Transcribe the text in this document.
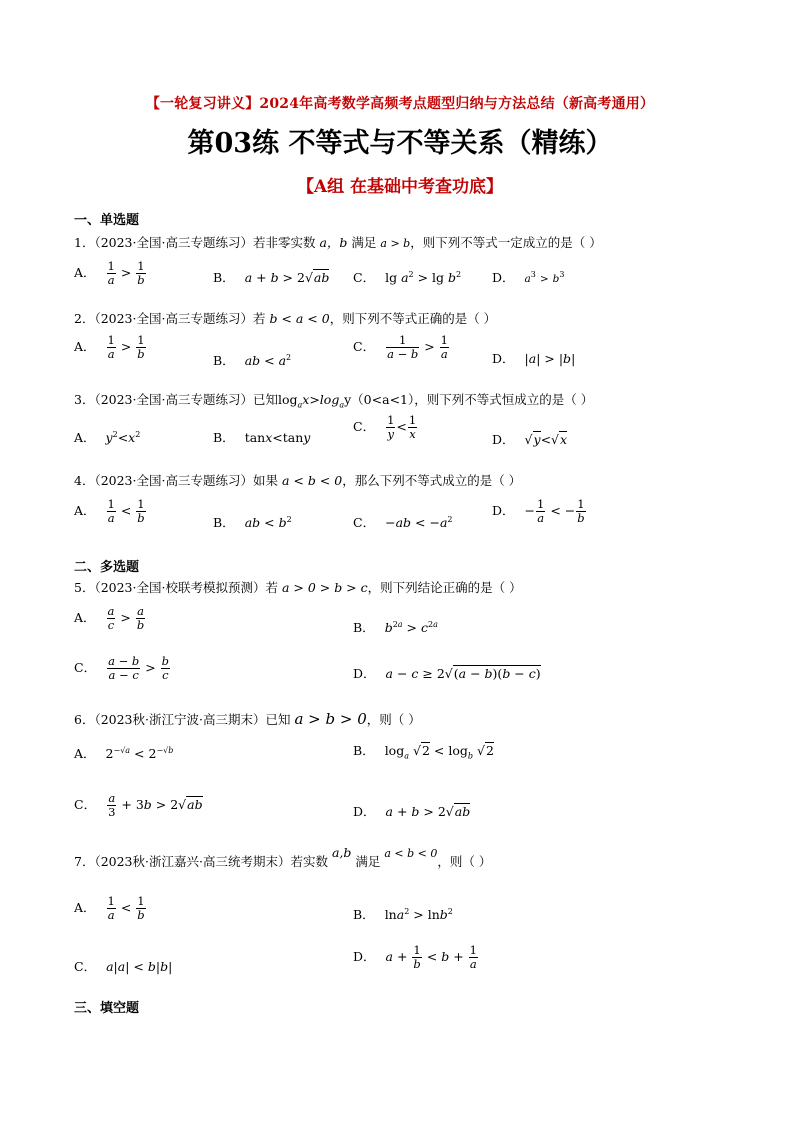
【一轮复习讲义】2024年高考数学高频考点题型归纳与方法总结（新高考通用）
第03练 不等式与不等关系（精练）
【A组 在基础中考查功底】
一、单选题
1．（2023·全国·高三专题练习）若非零实数 a，b 满足 a > b，则下列不等式一定成立的是（ ）
A． $\frac{1}{a} > \frac{1}{b}$	B． a + b > 2√ab C． $\lg a^2 > \lg b^2$ D． $a^3 > b^3$
2．（2023·全国·高三专题练习）若 b < a < 0，则下列不等式正确的是（ ）
A． $\frac{1}{a} > \frac{1}{b}$	B． ab < $a^2$
C． $\frac{1}{a - b} > \frac{1}{a}$	D． |a| > |b|
3．（2023·全国·高三专题练习）已知$\log_ax>\log_ay(0<a<1)$，则下列不等式恒成立的是（ ）
A． $y^2<x^2$	B． tanx<tany
C． $\frac{1}{y} < \frac{1}{x}$	D． √y<√x
4．（2023·全国·高三专题练习）如果 a < b < 0，那么下列不等式成立的是（ ）
A． $\frac{1}{a} < \frac{1}{b}$	B． ab < $b^2$	C． $-ab < -a^2$
D． − $\frac{1}{a}$ < − $\frac{1}{b}$
二、多选题
5．（2023·全国·校联考模拟预测）若 a > 0 > b > c，则下列结论正确的是（ ）
A． $\frac{a}{c} > \frac{a}{b}$	B． $b^{2a} > c^{2a}$
C． $\frac{a - b}{a - c} > \frac{b}{c}$	D． a − c ≥ 2√(a − b)(b − c)
6．（2023秋·浙江宁波·高三期末）已知 a > b > 0，则（ ）
A． $2^{-√a} < 2^{-√b}$	B． $\log_a √2 < \log_b √2$
C． $\frac{a}{3} + 3b > 2√ab$	D． a + b > 2√ab
7．（2023秋·浙江嘉兴·高三统考期末）若实数 a,b 满足 a < b < 0，则（ ）
A． $\frac{1}{a} < \frac{1}{b}$	B． lna$^2$ > lnb$^2$
C． a|a| < b|b|
D． $a + \frac{1}{b} < b + \frac{1}{a}$
三、填空题
